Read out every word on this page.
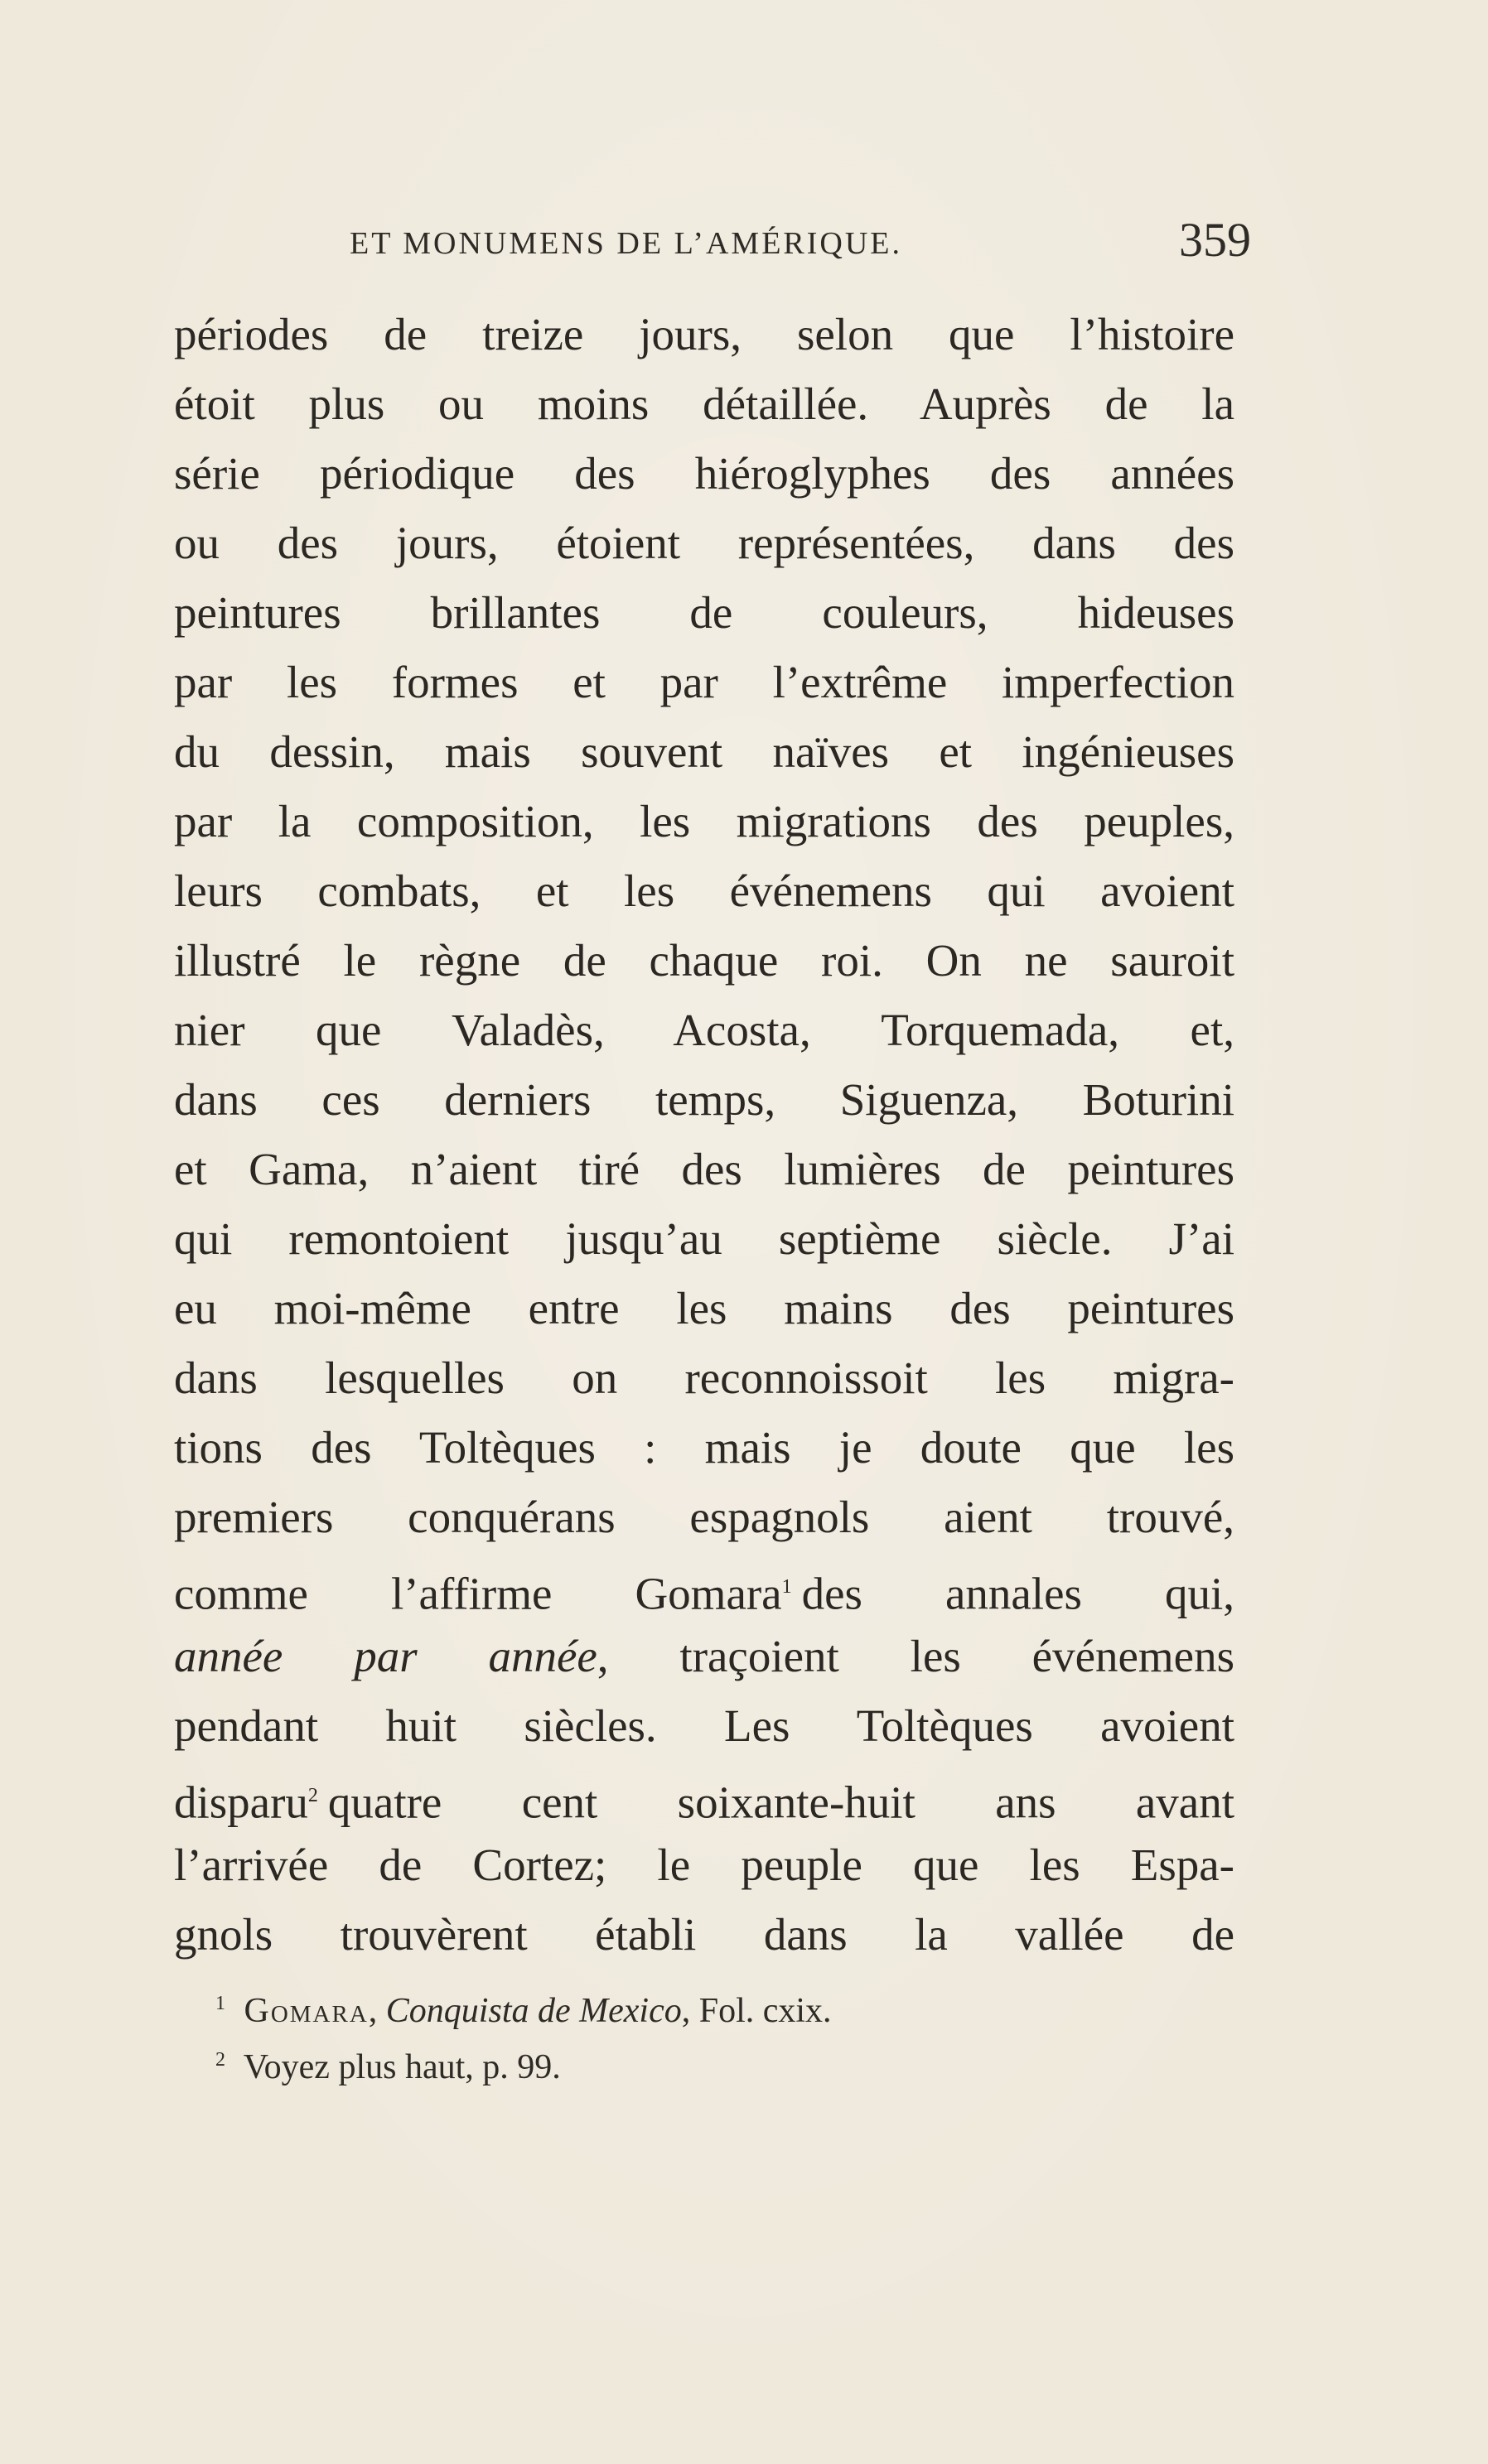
ET MONUMENS DE L’AMÉRIQUE.	359
périodes de treize jours, selon que l’histoire
étoit plus ou moins détaillée. Auprès de la
série périodique des hiéroglyphes des années
ou des jours, étoient représentées, dans des
peintures brillantes de couleurs, hideuses
par les formes et par l’extrême imperfection
du dessin, mais souvent naïves et ingénieuses
par la composition, les migrations des peuples,
leurs combats, et les événemens qui avoient
illustré le règne de chaque roi. On ne sauroit
nier que Valadès, Acosta, Torquemada, et,
dans ces derniers temps, Siguenza, Boturini
et Gama, n’aient tiré des lumières de peintures
qui remontoient jusqu’au septième siècle. J’ai
eu moi-même entre les mains des peintures
dans lesquelles on reconnoissoit les migra-
tions des Toltèques : mais je doute que les
premiers conquérans espagnols aient trouvé,
comme l’affirme Gomara$^1$ des annales qui,
année par année, traçoient les événemens
pendant huit siècles. Les Toltèques avoient
disparu$^2$ quatre cent soixante-huit ans avant
l’arrivée de Cortez; le peuple que les Espa-
gnols trouvèrent établi dans la vallée de
$^1$ Gomara, Conquista de Mexico, Fol. cxix.
$^2$ Voyez plus haut, p. 99.
